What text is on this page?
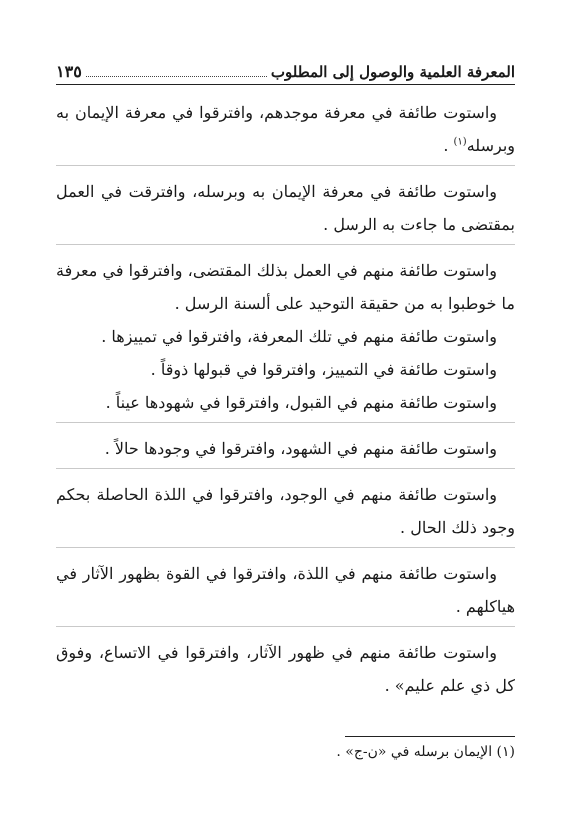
المعرفة العلمية والوصول إلى المطلوب
١٣٥

واستوت طائفة في معرفة موجدهم، وافترقوا في معرفة الإيمان به وبرسله$^{(١)}$ .

واستوت طائفة في معرفة الإيمان به وبرسله، وافترقت في العمل بمقتضى ما جاءت به الرسل .

واستوت طائفة منهم في العمل بذلك المقتضى، وافترقوا في معرفة ما خوطبوا به من حقيقة التوحيد على ألسنة الرسل .

واستوت طائفة منهم في تلك المعرفة، وافترقوا في تمييزها .

واستوت طائفة في التمييز، وافترقوا في قبولها ذوقاً .

واستوت طائفة منهم في القبول، وافترقوا في شهودها عيناً .

واستوت طائفة منهم في الشهود، وافترقوا في وجودها حالاً .

واستوت طائفة منهم في الوجود، وافترقوا في اللذة الحاصلة بحكم وجود ذلك الحال .

واستوت طائفة منهم في اللذة، وافترقوا في القوة بظهور الآثار في هياكلهم .

واستوت طائفة منهم في ظهور الآثار، وافترقوا في الاتساع، وفوق كل ذي علم عليم» .

(١) الإيمان برسله في «ن-ج» .
